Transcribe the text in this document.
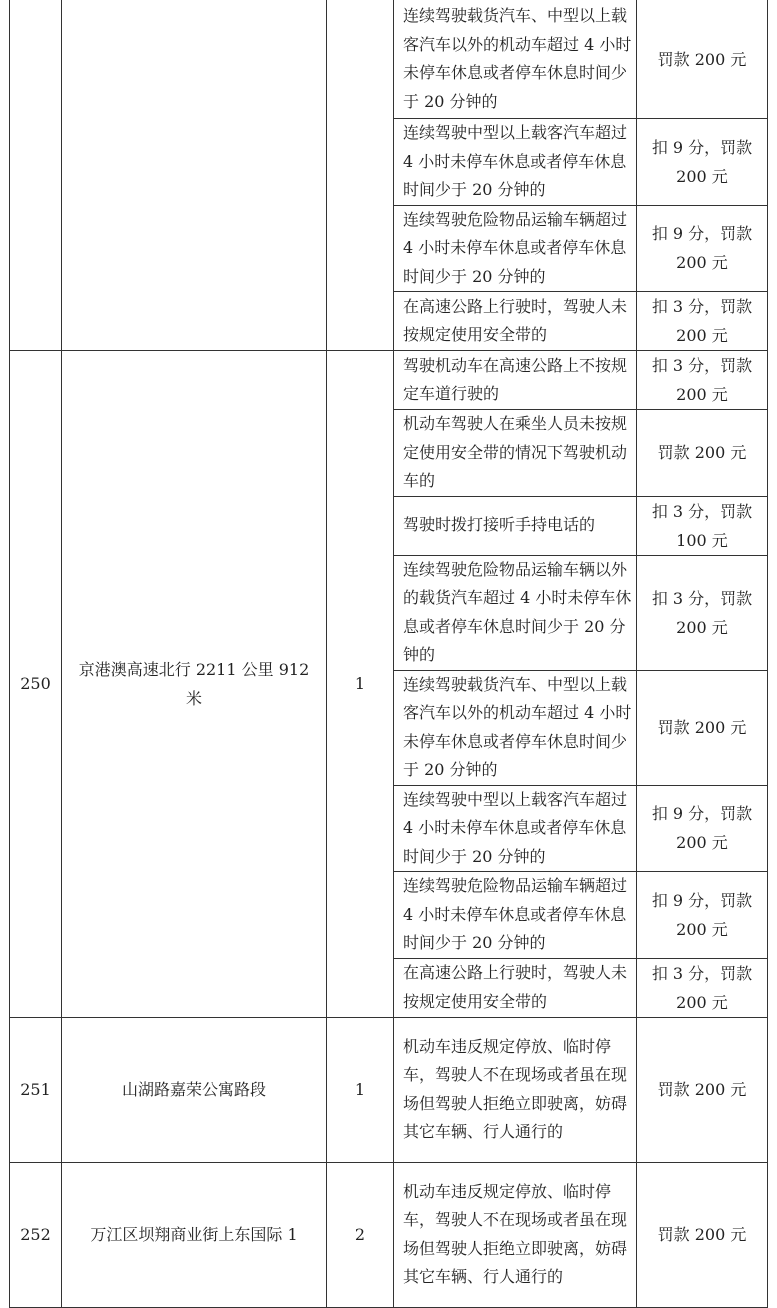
			连续驾驶载货汽车、中型以上载客汽车以外的机动车超过 4 小时未停车休息或者停车休息时间少于 20 分钟的	罚款 200 元
			连续驾驶中型以上载客汽车超过 4 小时未停车休息或者停车休息时间少于 20 分钟的	扣 9 分，罚款 200 元
			连续驾驶危险物品运输车辆超过 4 小时未停车休息或者停车休息时间少于 20 分钟的	扣 9 分，罚款 200 元
			在高速公路上行驶时，驾驶人未按规定使用安全带的	扣 3 分，罚款 200 元
250	京港澳高速北行 2211 公里 912 米	1	驾驶机动车在高速公路上不按规定车道行驶的	扣 3 分，罚款 200 元
			机动车驾驶人在乘坐人员未按规定使用安全带的情况下驾驶机动车的	罚款 200 元
			驾驶时拨打接听手持电话的	扣 3 分，罚款 100 元
			连续驾驶危险物品运输车辆以外的载货汽车超过 4 小时未停车休息或者停车休息时间少于 20 分钟的	扣 3 分，罚款 200 元
			连续驾驶载货汽车、中型以上载客汽车以外的机动车超过 4 小时未停车休息或者停车休息时间少于 20 分钟的	罚款 200 元
			连续驾驶中型以上载客汽车超过 4 小时未停车休息或者停车休息时间少于 20 分钟的	扣 9 分，罚款 200 元
			连续驾驶危险物品运输车辆超过 4 小时未停车休息或者停车休息时间少于 20 分钟的	扣 9 分，罚款 200 元
			在高速公路上行驶时，驾驶人未按规定使用安全带的	扣 3 分，罚款 200 元
251	山湖路嘉荣公寓路段	1	机动车违反规定停放、临时停车，驾驶人不在现场或者虽在现场但驾驶人拒绝立即驶离，妨碍其它车辆、行人通行的	罚款 200 元
252	万江区坝翔商业街上东国际 1	2	机动车违反规定停放、临时停车，驾驶人不在现场或者虽在现场但驾驶人拒绝立即驶离，妨碍其它车辆、行人通行的	罚款 200 元
